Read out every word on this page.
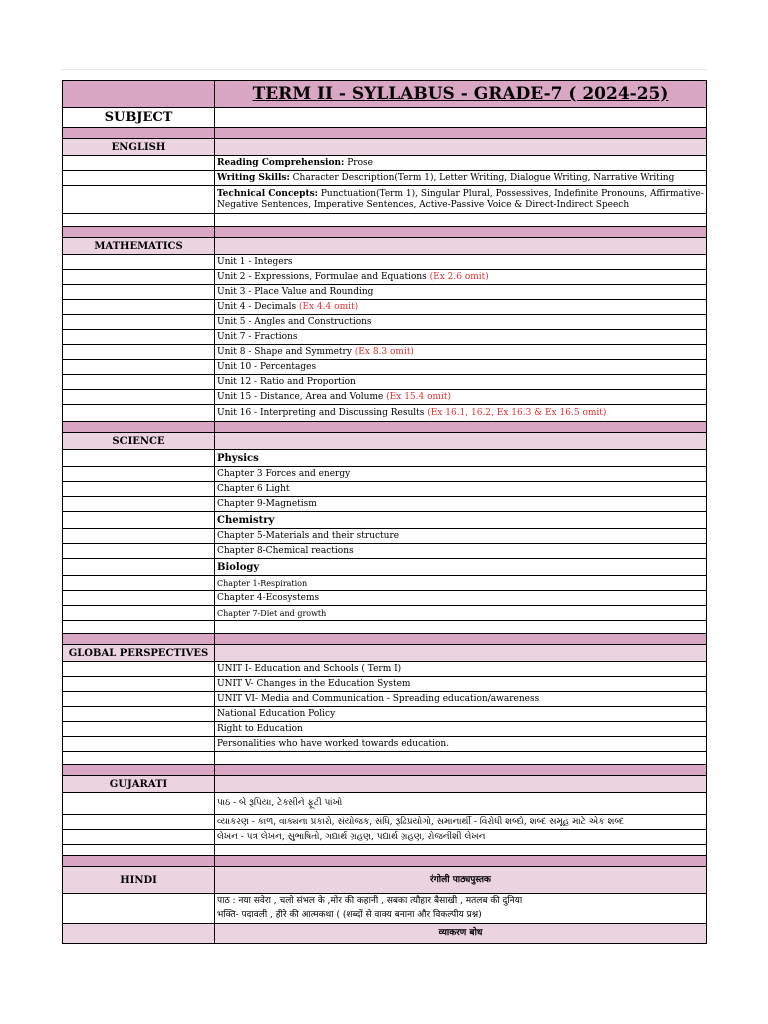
	TERM II - SYLLABUS - GRADE-7 ( 2024-25)
SUBJECT	

ENGLISH	
	Reading Comprehension: Prose
	Writing Skills: Character Description(Term 1), Letter Writing, Dialogue Writing, Narrative Writing
	Technical Concepts: Punctuation(Term 1), Singular Plural, Possessives, Indefinite Pronouns, Affirmative-Negative Sentences, Imperative Sentences, Active-Passive Voice & Direct-Indirect Speech

MATHEMATICS	
	Unit 1 - Integers
	Unit 2 - Expressions, Formulae and Equations (Ex 2.6 omit)
	Unit 3 - Place Value and Rounding
	Unit 4 - Decimals (Ex 4.4 omit)
	Unit 5 - Angles and Constructions
	Unit 7 - Fractions
	Unit 8 - Shape and Symmetry (Ex 8.3 omit)
	Unit 10 - Percentages
	Unit 12 - Ratio and Proportion
	Unit 15 - Distance, Area and Volume (Ex 15.4 omit)
	Unit 16 - Interpreting and Discussing Results (Ex 16.1, 16.2, Ex 16.3 & Ex 16.5 omit)

SCIENCE	
	Physics
	Chapter 3 Forces and energy
	Chapter 6 Light
	Chapter 9-Magnetism
	Chemistry
	Chapter 5-Materials and their structure
	Chapter 8-Chemical reactions
	Biology
	Chapter 1-Respiration
	Chapter 4-Ecosystems
	Chapter 7-Diet and growth

GLOBAL PERSPECTIVES	
	UNIT I- Education and Schools ( Term I)
	UNIT V- Changes in the Education System
	UNIT VI- Media and Communication - Spreading education/awareness
	National Education Policy
	Right to Education
	Personalities who have worked towards education.

GUJARATI	
	પાઠ - બે રૂપિયા, ટેક્સીને ફૂટી પાંખો
	વ્યાકરણ - કાળ, વાક્યના પ્રકારો, સંયોજક, સંધિ, રૂઢિપ્રયોગો, સમાનાર્થી - વિરોધી શબ્દો, શબ્દ સમૂહ માટે એક શબ્દ
	લેખન - પત્ર લેખન, સુભાષિતો, ગદ્યાર્થ ગ્રહણ, પદ્યાર્થ ગ્રહણ, રોજનીશી લેખન

HINDI	रंगोली पाठ्यपुस्तक
	पाठ : नया सवेरा , चलो संभल के ,मोर की कहानी , सबका त्यौहार बैसाखी , मतलब की दुनिया
	भक्ति- पदावली , हीरे की आत्मकथा ( (शब्दों से वाक्य बनाना और विकल्पीय प्रश्न)
	व्याकरण बोध
